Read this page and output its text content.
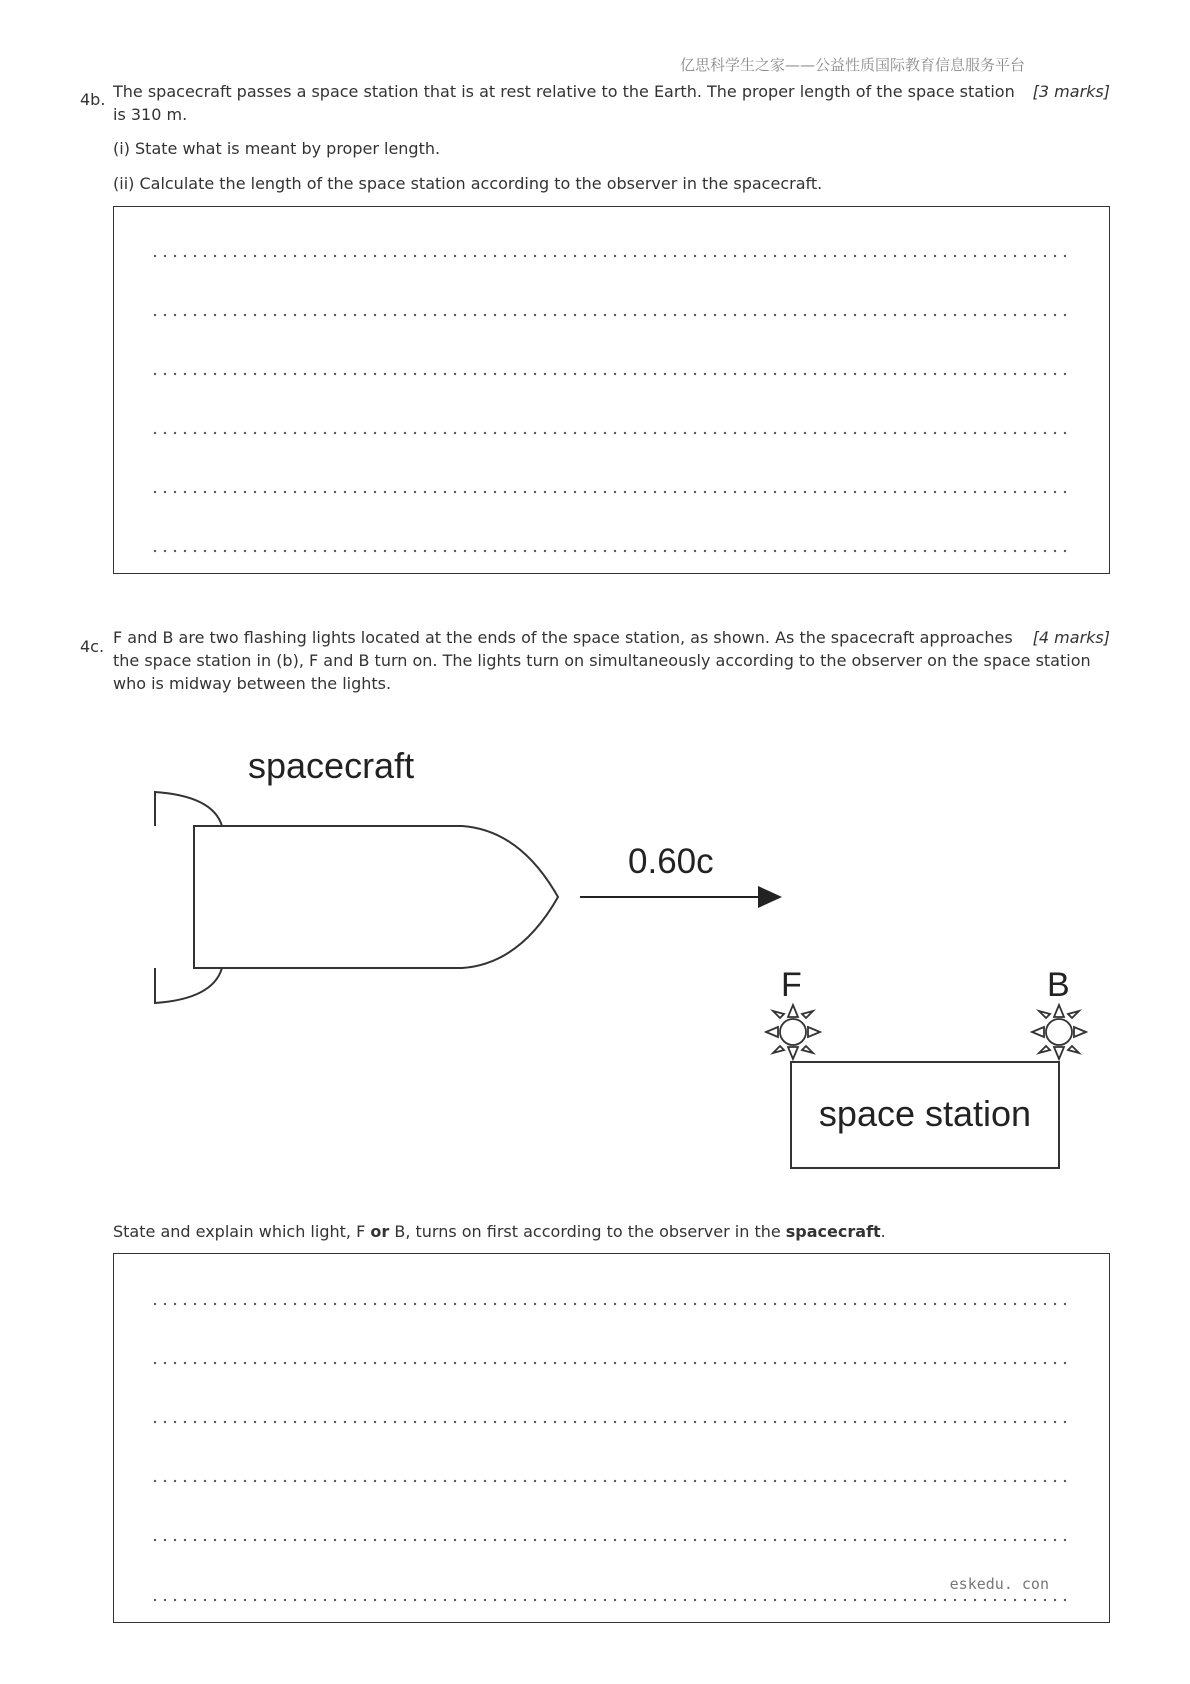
亿思科学生之家——公益性质国际教育信息服务平台
4b.	[3 marks]
The spacecraft passes a space station that is at rest relative to the Earth. The proper length of the space station
is 310 m.
(i) State what is meant by proper length.
(ii) Calculate the length of the space station according to the observer in the spacecraft.
4c.	[4 marks]
F and B are two flashing lights located at the ends of the space station, as shown. As the spacecraft approaches
the space station in (b), F and B turn on. The lights turn on simultaneously according to the observer on the space station
who is midway between the lights.
spacecraft
0.60c
F	B
space station
State and explain which light, F or B, turns on first according to the observer in the spacecraft.
eskedu. con
